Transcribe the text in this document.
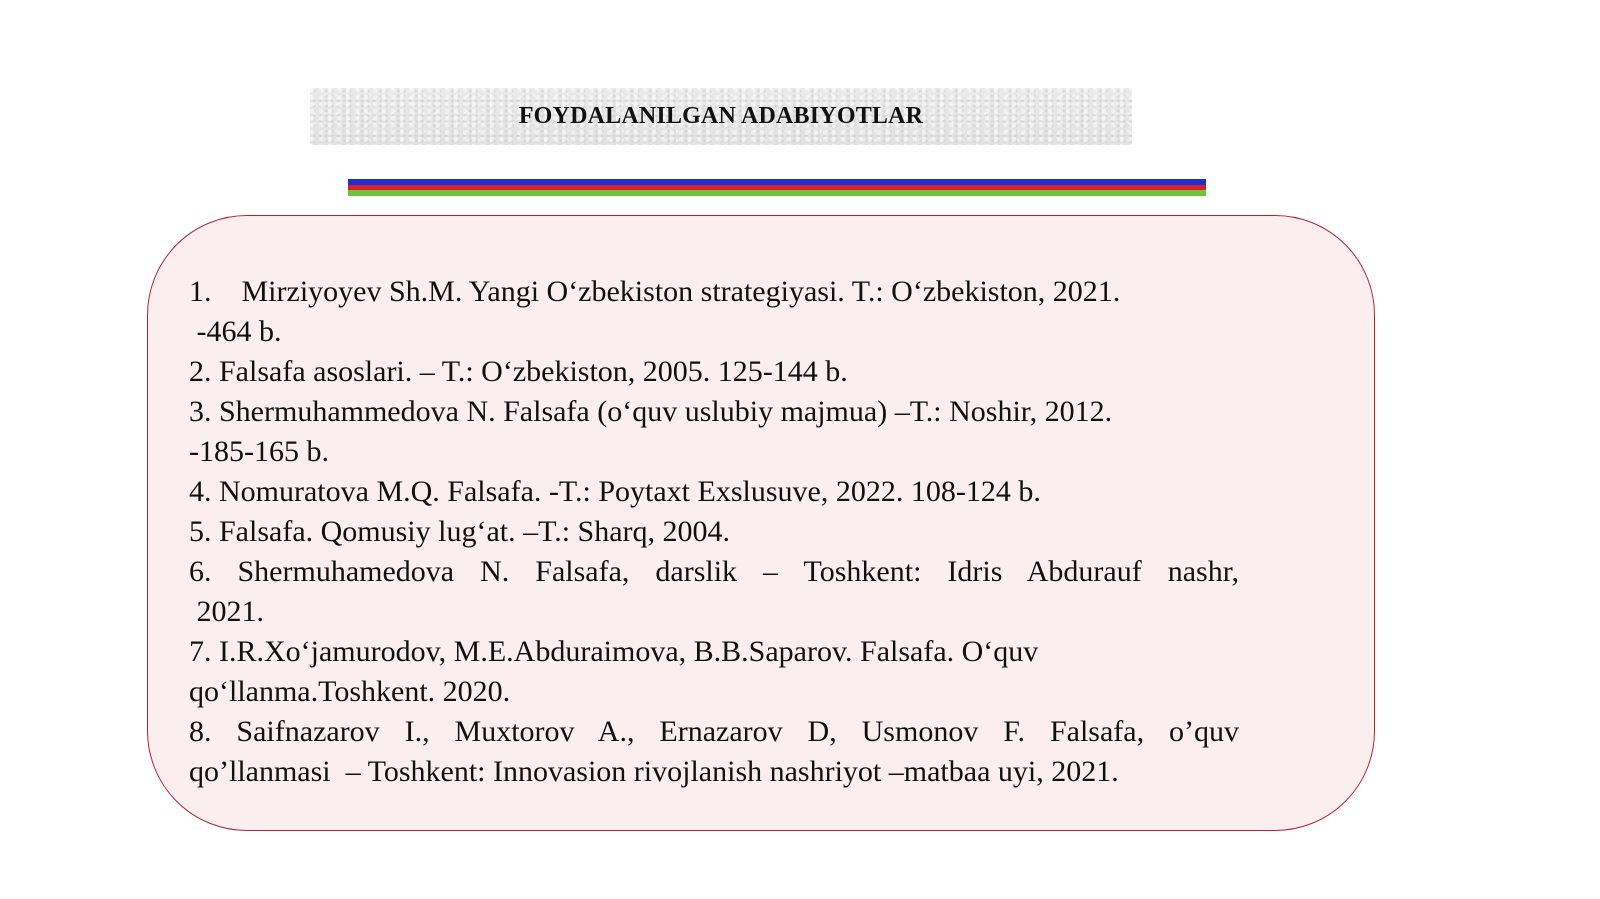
FOYDALANILGAN ADABIYOTLAR
1.    Mirziyoyev Sh.M. Yangi O‘zbekiston strategiyasi. T.: O‘zbekiston, 2021.
-464 b.
2. Falsafa asoslari. – T.: O‘zbekiston, 2005. 125-144 b.
3. Shermuhammedova N. Falsafa (o‘quv uslubiy majmua) –T.: Noshir, 2012.
-185-165 b.
4. Nomuratova M.Q. Falsafa. -T.: Poytaxt Exslusuve, 2022. 108-124 b.
5. Falsafa. Qomusiy lug‘at. –T.: Sharq, 2004.
6. Shermuhamedova N. Falsafa, darslik – Toshkent: Idris Abdurauf nashr,
2021.
7. I.R.Xo‘jamurodov, M.E.Abduraimova, B.B.Saparov. Falsafa. O‘quv
qo‘llanma.Toshkent. 2020.
8. Saifnazarov I., Muxtorov A., Ernazarov D, Usmonov F. Falsafa, o’quv
qo’llanmasi  – Toshkent: Innovasion rivojlanish nashriyot –matbaa uyi, 2021.
